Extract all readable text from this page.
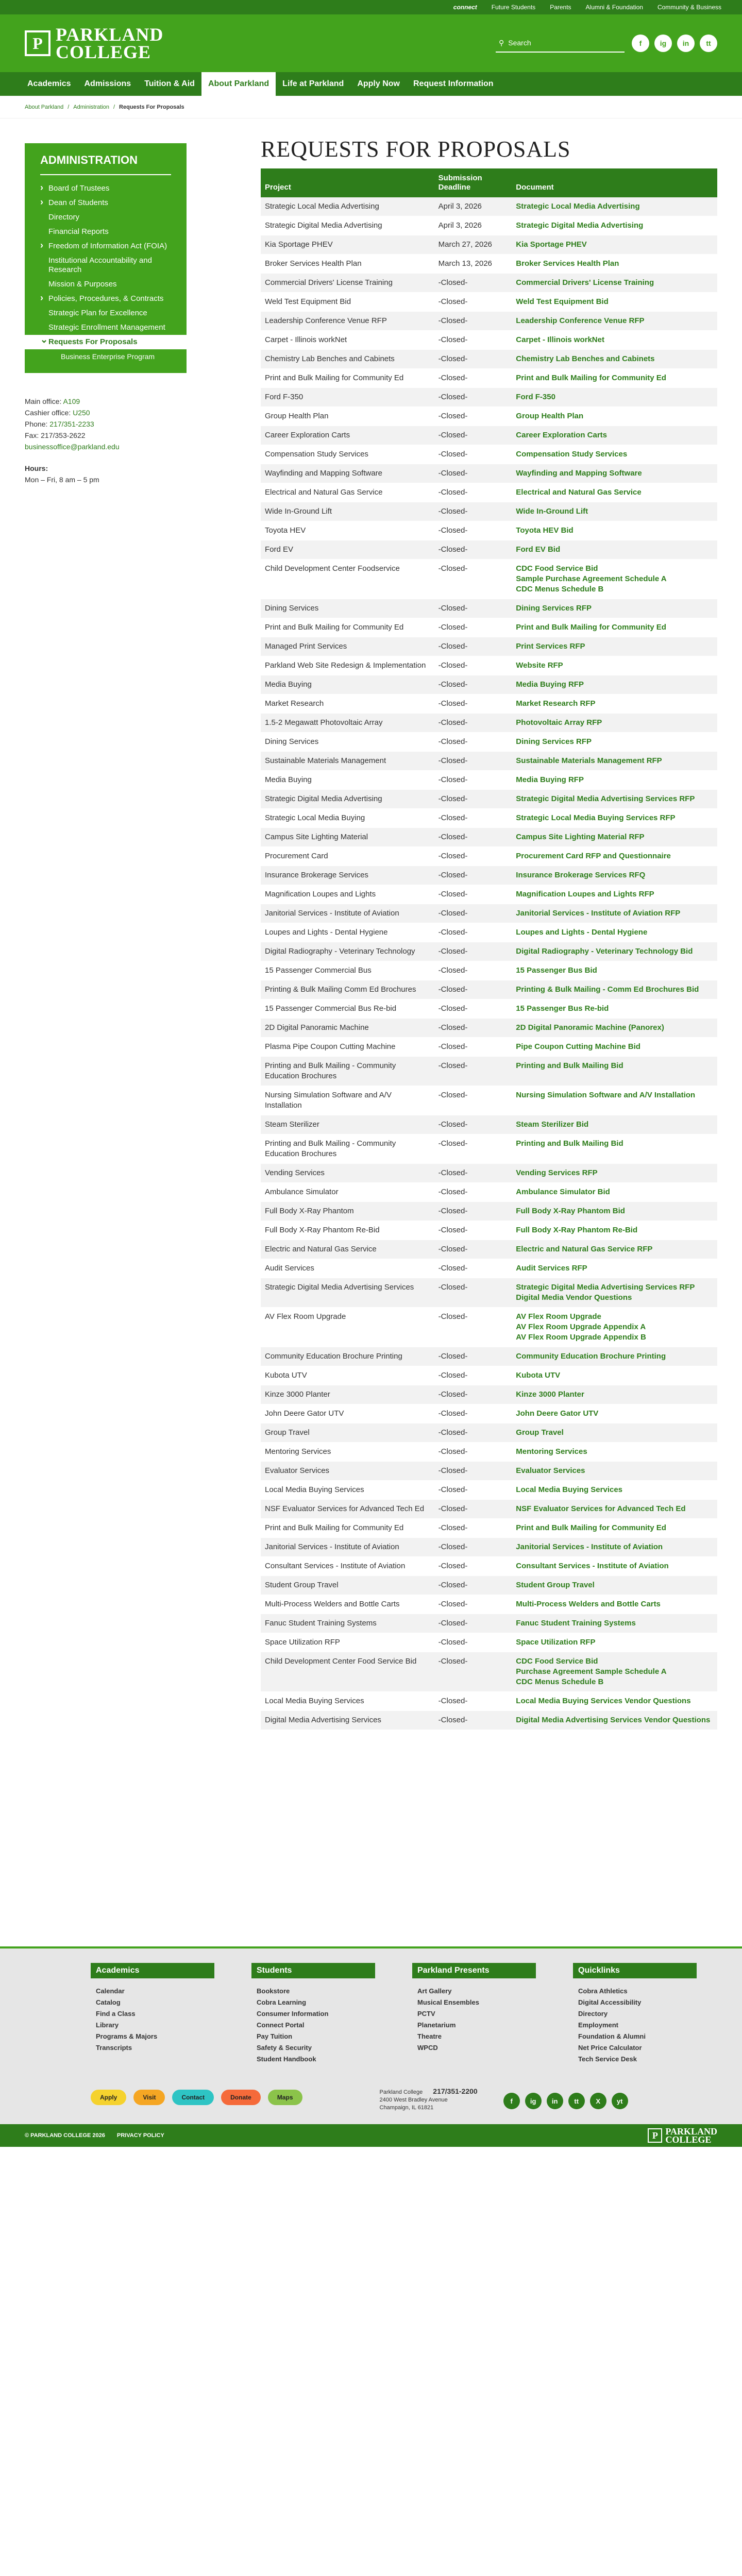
connect Future Students Parents Alumni & Foundation Community & Business
P PARKLAND
COLLEGE	⚲
Search	f	ig	in	tt
Academics	Admissions	Tuition & Aid	About Parkland	Life at Parkland	Apply Now	Request Information
About Parkland / Administration / Requests For Proposals
ADMINISTRATION
› Board of Trustees
› Dean of Students
Directory
Financial Reports
› Freedom of Information Act (FOIA)
Institutional Accountability and Research
Mission & Purposes
› Policies, Procedures, & Contracts
Strategic Plan for Excellence
Strategic Enrollment Management
⌄ Requests For Proposals
Business Enterprise Program
Main office: A109
Cashier office: U250
Phone: 217/351-2233
Fax: 217/353-2622
businessoffice@parkland.edu
Hours:
Mon – Fri, 8 am – 5 pm
REQUESTS FOR PROPOSALS
Project	Submission Deadline	Document
Strategic Local Media Advertising	April 3, 2026	Strategic Local Media Advertising

Strategic Digital Media Advertising	April 3, 2026	Strategic Digital Media Advertising

Kia Sportage PHEV	March 27, 2026	Kia Sportage PHEV

Broker Services Health Plan	March 13, 2026	Broker Services Health Plan

Commercial Drivers' License Training	-Closed-	Commercial Drivers' License Training

Weld Test Equipment Bid	-Closed-	Weld Test Equipment Bid

Leadership Conference Venue RFP	-Closed-	Leadership Conference Venue RFP

Carpet - Illinois workNet	-Closed-	Carpet - Illinois workNet

Chemistry Lab Benches and Cabinets	-Closed-	Chemistry Lab Benches and Cabinets

Print and Bulk Mailing for Community Ed	-Closed-	Print and Bulk Mailing for Community Ed

Ford F-350	-Closed-	Ford F-350

Group Health Plan	-Closed-	Group Health Plan

Career Exploration Carts	-Closed-	Career Exploration Carts

Compensation Study Services	-Closed-	Compensation Study Services

Wayfinding and Mapping Software	-Closed-	Wayfinding and Mapping Software

Electrical and Natural Gas Service	-Closed-	Electrical and Natural Gas Service

Wide In-Ground Lift	-Closed-	Wide In-Ground Lift

Toyota HEV	-Closed-	Toyota HEV Bid

Ford EV	-Closed-	Ford EV Bid

Child Development Center Foodservice	-Closed-	CDC Food Service Bid
Sample Purchase Agreement Schedule A
CDC Menus Schedule B

Dining Services	-Closed-	Dining Services RFP

Print and Bulk Mailing for Community Ed	-Closed-	Print and Bulk Mailing for Community Ed

Managed Print Services	-Closed-	Print Services RFP

Parkland Web Site Redesign & Implementation	-Closed-	Website RFP

Media Buying	-Closed-	Media Buying RFP

Market Research	-Closed-	Market Research RFP

1.5-2 Megawatt Photovoltaic Array	-Closed-	Photovoltaic Array RFP

Dining Services	-Closed-	Dining Services RFP

Sustainable Materials Management	-Closed-	Sustainable Materials Management RFP

Media Buying	-Closed-	Media Buying RFP

Strategic Digital Media Advertising	-Closed-	Strategic Digital Media Advertising Services RFP

Strategic Local Media Buying	-Closed-	Strategic Local Media Buying Services RFP

Campus Site Lighting Material	-Closed-	Campus Site Lighting Material RFP

Procurement Card	-Closed-	Procurement Card RFP and Questionnaire

Insurance Brokerage Services	-Closed-	Insurance Brokerage Services RFQ

Magnification Loupes and Lights	-Closed-	Magnification Loupes and Lights RFP

Janitorial Services - Institute of Aviation	-Closed-	Janitorial Services - Institute of Aviation RFP

Loupes and Lights - Dental Hygiene	-Closed-	Loupes and Lights - Dental Hygiene

Digital Radiography - Veterinary Technology	-Closed-	Digital Radiography - Veterinary Technology Bid

15 Passenger Commercial Bus	-Closed-	15 Passenger Bus Bid

Printing & Bulk Mailing Comm Ed Brochures	-Closed-	Printing & Bulk Mailing - Comm Ed Brochures Bid

15 Passenger Commercial Bus Re-bid	-Closed-	15 Passenger Bus Re-bid

2D Digital Panoramic Machine	-Closed-	2D Digital Panoramic Machine (Panorex)

Plasma Pipe Coupon Cutting Machine	-Closed-	Pipe Coupon Cutting Machine Bid

Printing and Bulk Mailing - Community Education Brochures	-Closed-	Printing and Bulk Mailing Bid

Nursing Simulation Software and A/V Installation	-Closed-	Nursing Simulation Software and A/V Installation

Steam Sterilizer	-Closed-	Steam Sterilizer Bid

Printing and Bulk Mailing - Community Education Brochures	-Closed-	Printing and Bulk Mailing Bid

Vending Services	-Closed-	Vending Services RFP

Ambulance Simulator	-Closed-	Ambulance Simulator Bid

Full Body X-Ray Phantom	-Closed-	Full Body X-Ray Phantom Bid

Full Body X-Ray Phantom Re-Bid	-Closed-	Full Body X-Ray Phantom Re-Bid

Electric and Natural Gas Service	-Closed-	Electric and Natural Gas Service RFP

Audit Services	-Closed-	Audit Services RFP

Strategic Digital Media Advertising Services	-Closed-	Strategic Digital Media Advertising Services RFP
Digital Media Vendor Questions

AV Flex Room Upgrade	-Closed-	AV Flex Room Upgrade
AV Flex Room Upgrade Appendix A
AV Flex Room Upgrade Appendix B

Community Education Brochure Printing	-Closed-	Community Education Brochure Printing

Kubota UTV	-Closed-	Kubota UTV

Kinze 3000 Planter	-Closed-	Kinze 3000 Planter

John Deere Gator UTV	-Closed-	John Deere Gator UTV

Group Travel	-Closed-	Group Travel

Mentoring Services	-Closed-	Mentoring Services

Evaluator Services	-Closed-	Evaluator Services

Local Media Buying Services	-Closed-	Local Media Buying Services

NSF Evaluator Services for Advanced Tech Ed	-Closed-	NSF Evaluator Services for Advanced Tech Ed

Print and Bulk Mailing for Community Ed	-Closed-	Print and Bulk Mailing for Community Ed

Janitorial Services - Institute of Aviation	-Closed-	Janitorial Services - Institute of Aviation

Consultant Services - Institute of Aviation	-Closed-	Consultant Services - Institute of Aviation

Student Group Travel	-Closed-	Student Group Travel

Multi-Process Welders and Bottle Carts	-Closed-	Multi-Process Welders and Bottle Carts

Fanuc Student Training Systems	-Closed-	Fanuc Student Training Systems

Space Utilization RFP	-Closed-	Space Utilization RFP

Child Development Center Food Service Bid	-Closed-	CDC Food Service Bid
Purchase Agreement Sample Schedule A
CDC Menus Schedule B

Local Media Buying Services	-Closed-	Local Media Buying Services Vendor Questions

Digital Media Advertising Services	-Closed-	Digital Media Advertising Services Vendor Questions
Academics
Calendar
Catalog
Find a Class
Library
Programs & Majors
Transcripts
Students
Bookstore
Cobra Learning
Consumer Information
Connect Portal
Pay Tuition
Safety & Security
Student Handbook
Parkland Presents
Art Gallery
Musical Ensembles
PCTV
Planetarium
Theatre
WPCD
Quicklinks
Cobra Athletics
Digital Accessibility
Directory
Employment
Foundation & Alumni
Net Price Calculator
Tech Service Desk
Apply	Visit	Contact	Donate	Maps
Parkland College 217/351-2200
2400 West Bradley Avenue
Champaign, IL 61821
f	ig	in	tt	X	yt
© PARKLAND COLLEGE 2026 PRIVACY POLICY	P PARKLAND
COLLEGE
